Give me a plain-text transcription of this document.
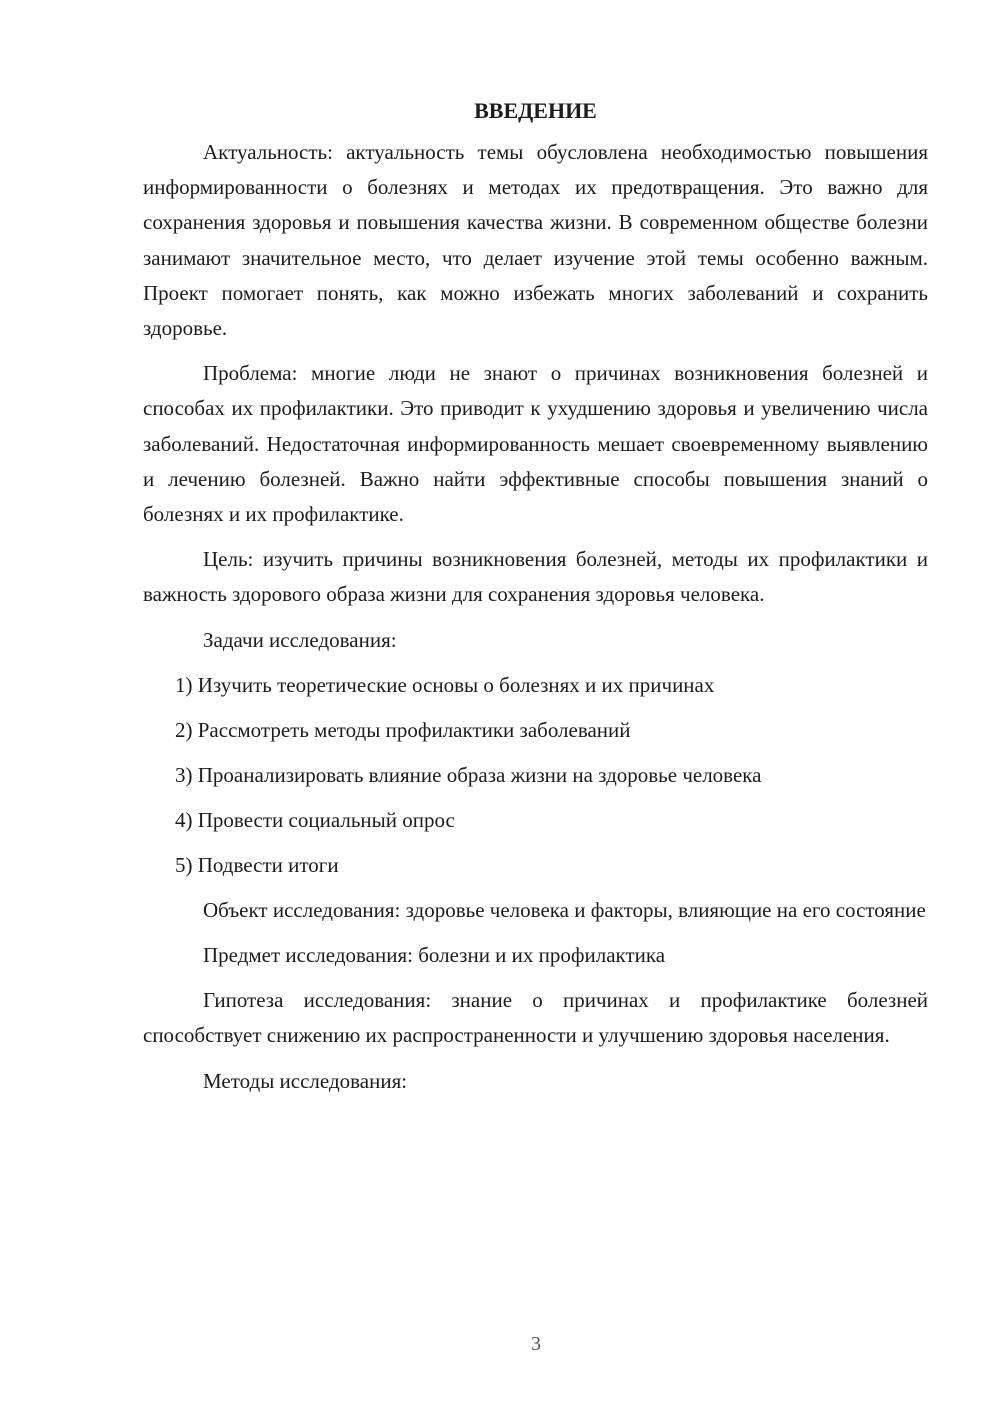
ВВЕДЕНИЕ

Актуальность: актуальность темы обусловлена необходимостью повышения информированности о болезнях и методах их предотвращения. Это важно для сохранения здоровья и повышения качества жизни. В современном обществе болезни занимают значительное место, что делает изучение этой темы особенно важным. Проект помогает понять, как можно избежать многих заболеваний и сохранить здоровье.

Проблема: многие люди не знают о причинах возникновения болезней и способах их профилактики. Это приводит к ухудшению здоровья и увеличению числа заболеваний. Недостаточная информированность мешает своевременному выявлению и лечению болезней. Важно найти эффективные способы повышения знаний о болезнях и их профилактике.

Цель: изучить причины возникновения болезней, методы их профилактики и важность здорового образа жизни для сохранения здоровья человека.

Задачи исследования:

1) Изучить теоретические основы о болезнях и их причинах
2) Рассмотреть методы профилактики заболеваний
3) Проанализировать влияние образа жизни на здоровье человека
4) Провести социальный опрос
5) Подвести итоги

Объект исследования: здоровье человека и факторы, влияющие на его состояние

Предмет исследования: болезни и их профилактика

Гипотеза исследования: знание о причинах и профилактике болезней способствует снижению их распространенности и улучшению здоровья населения.

Методы исследования:

3
